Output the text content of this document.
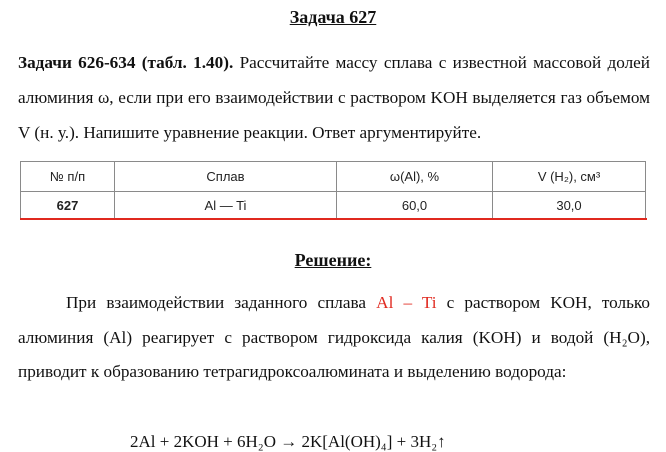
Задача 627
Задачи 626-634 (табл. 1.40). Рассчитайте массу сплава с известной массовой долей алюминия ω, если при его взаимодействии с раствором KOH выделяется газ объемом V (н. у.). Напишите уравнение реакции. Ответ аргументируйте.
№ п/п	Сплав	ω(Al), %	V (H₂), см³
627	Al — Ti	60,0	30,0
Решение:
При взаимодействии заданного сплава Al – Ti с раствором KOH, только алюминия (Al) реагирует с раствором гидроксида калия (KOH) и водой (H₂O), приводит к образованию тетрагидроксоалюмината и выделению водорода:
2Al + 2KOH + 6H₂O → 2K[Al(OH)₄] + 3H₂↑
